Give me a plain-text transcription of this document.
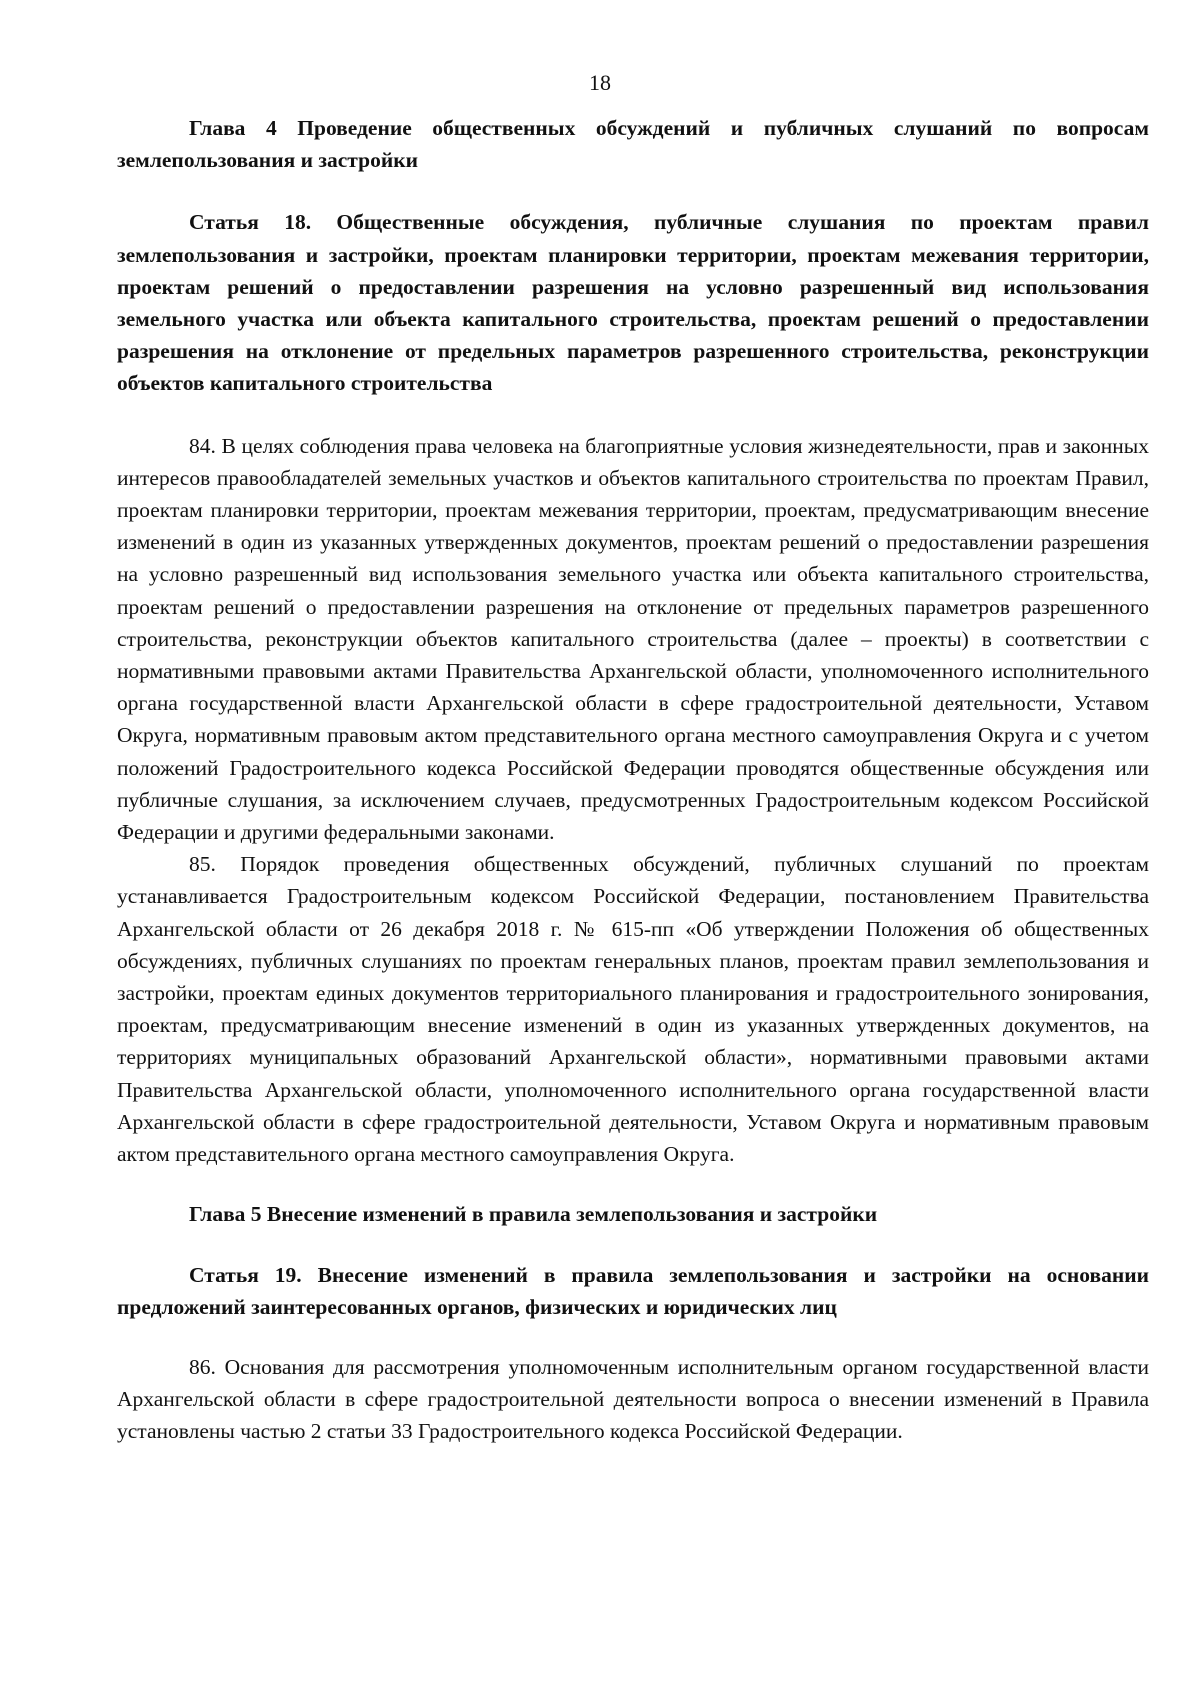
18

Глава 4 Проведение общественных обсуждений и публичных слушаний по вопросам землепользования и застройки

Статья 18. Общественные обсуждения, публичные слушания по проектам правил землепользования и застройки, проектам планировки территории, проектам межевания территории, проектам решений о предоставлении разрешения на условно разрешенный вид использования земельного участка или объекта капитального строительства, проектам решений о предоставлении разрешения на отклонение от предельных параметров разрешенного строительства, реконструкции объектов капитального строительства

84. В целях соблюдения права человека на благоприятные условия жизнедеятельности, прав и законных интересов правообладателей земельных участков и объектов капитального строительства по проектам Правил, проектам планировки территории, проектам межевания территории, проектам, предусматривающим внесение изменений в один из указанных утвержденных документов, проектам решений о предоставлении разрешения на условно разрешенный вид использования земельного участка или объекта капитального строительства, проектам решений о предоставлении разрешения на отклонение от предельных параметров разрешенного строительства, реконструкции объектов капитального строительства (далее – проекты) в соответствии с нормативными правовыми актами Правительства Архангельской области, уполномоченного исполнительного органа государственной власти Архангельской области в сфере градостроительной деятельности, Уставом Округа, нормативным правовым актом представительного органа местного самоуправления Округа и с учетом положений Градостроительного кодекса Российской Федерации проводятся общественные обсуждения или публичные слушания, за исключением случаев, предусмотренных Градостроительным кодексом Российской Федерации и другими федеральными законами.

85. Порядок проведения общественных обсуждений, публичных слушаний по проектам устанавливается Градостроительным кодексом Российской Федерации, постановлением Правительства Архангельской области от 26 декабря 2018 г. № 615-пп «Об утверждении Положения об общественных обсуждениях, публичных слушаниях по проектам генеральных планов, проектам правил землепользования и застройки, проектам единых документов территориального планирования и градостроительного зонирования, проектам, предусматривающим внесение изменений в один из указанных утвержденных документов, на территориях муниципальных образований Архангельской области», нормативными правовыми актами Правительства Архангельской области, уполномоченного исполнительного органа государственной власти Архангельской области в сфере градостроительной деятельности, Уставом Округа и нормативным правовым актом представительного органа местного самоуправления Округа.

Глава 5 Внесение изменений в правила землепользования и застройки

Статья 19. Внесение изменений в правила землепользования и застройки на основании предложений заинтересованных органов, физических и юридических лиц

86. Основания для рассмотрения уполномоченным исполнительным органом государственной власти Архангельской области в сфере градостроительной деятельности вопроса о внесении изменений в Правила установлены частью 2 статьи 33 Градостроительного кодекса Российской Федерации.
